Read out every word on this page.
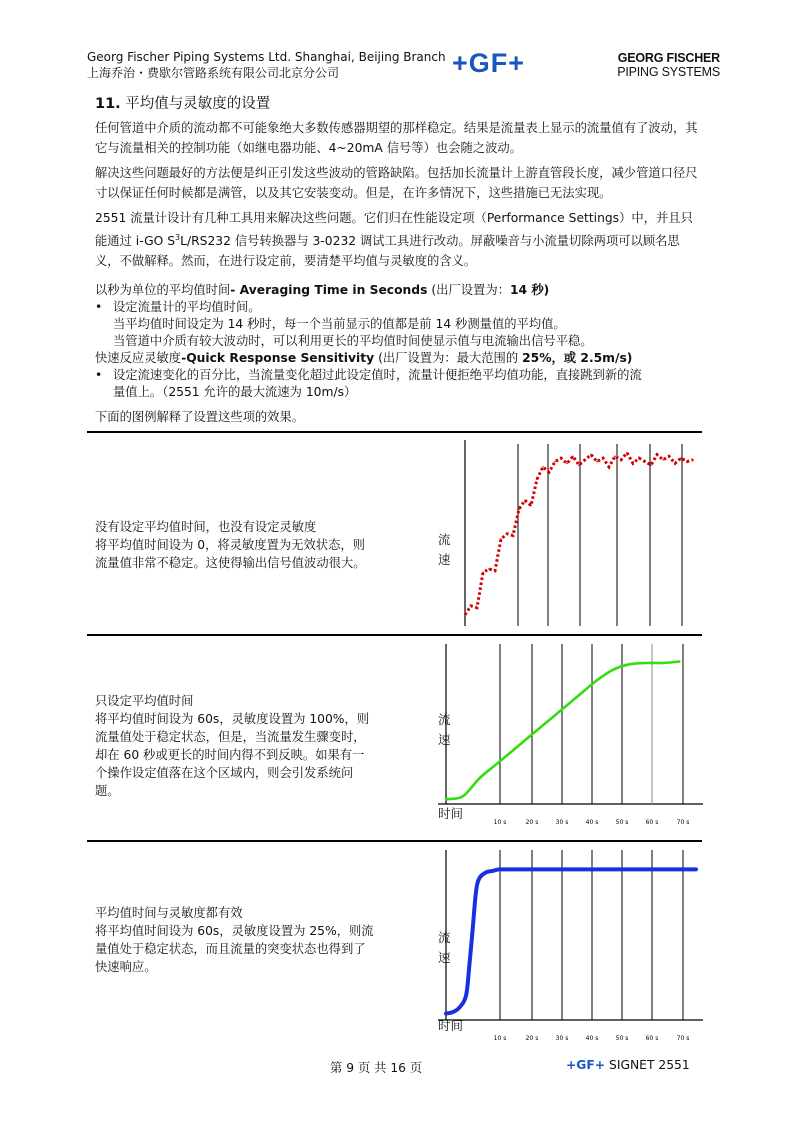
Georg Fischer Piping Systems Ltd. Shanghai, Beijing Branch
上海乔治・费歇尔管路系统有限公司北京分公司	+GF+	GEORG FISCHER
PIPING SYSTEMS
11. 平均值与灵敏度的设置

任何管道中介质的流动都不可能象绝大多数传感器期望的那样稳定。结果是流量表上显示的流量值有了波动，其它与流量相关的控制功能（如继电器功能、4~20mA 信号等）也会随之波动。

解决这些问题最好的方法便是纠正引发这些波动的管路缺陷。包括加长流量计上游直管段长度，减少管道口径尺寸以保证任何时候都是满管，以及其它安装变动。但是，在许多情况下，这些措施已无法实现。

2551 流量计设计有几种工具用来解决这些问题。它们归在性能设定项（Performance Settings）中，并且只能通过 i-GO $S^3L/RS232$ 信号转换器与 3-0232 调试工具进行改动。屏蔽噪音与小流量切除两项可以顾名思义，不做解释。然而，在进行设定前，要清楚平均值与灵敏度的含义。

以秒为单位的平均值时间- Averaging Time in Seconds (出厂设置为：14 秒)
• 设定流量计的平均值时间。
当平均值时间设定为 14 秒时，每一个当前显示的值都是前 14 秒测量值的平均值。
当管道中介质有较大波动时，可以利用更长的平均值时间使显示值与电流输出信号平稳。
快速反应灵敏度-Quick Response Sensitivity (出厂设置为：最大范围的 25%，或 2.5m/s)
• 设定流速变化的百分比，当流量变化超过此设定值时，流量计便拒绝平均值功能，直接跳到新的流
量值上。（2551 允许的最大流速为 10m/s）
下面的图例解释了设置这些项的效果。
没有设定平均值时间，也没有设定灵敏度
将平均值时间设为 0，将灵敏度置为无效状态，则
流量值非常不稳定。这使得输出信号值波动很大。
流
速
只设定平均值时间
将平均值时间设为 60s，灵敏度设置为 100%，则
流量值处于稳定状态，但是，当流量发生骤变时，
却在 60 秒或更长的时间内得不到反映。如果有一
个操作设定值落在这个区域内，则会引发系统问
题。
流
速
时间
10 s	20 s	30 s	40 s	50 s	60 s	70 s
平均值时间与灵敏度都有效
将平均值时间设为 60s，灵敏度设置为 25%，则流
量值处于稳定状态，而且流量的突变状态也得到了
快速响应。
流
速
时间
10 s	20 s	30 s	40 s	50 s	60 s	70 s
第 9 页 共 16 页	+GF+ SIGNET 2551
